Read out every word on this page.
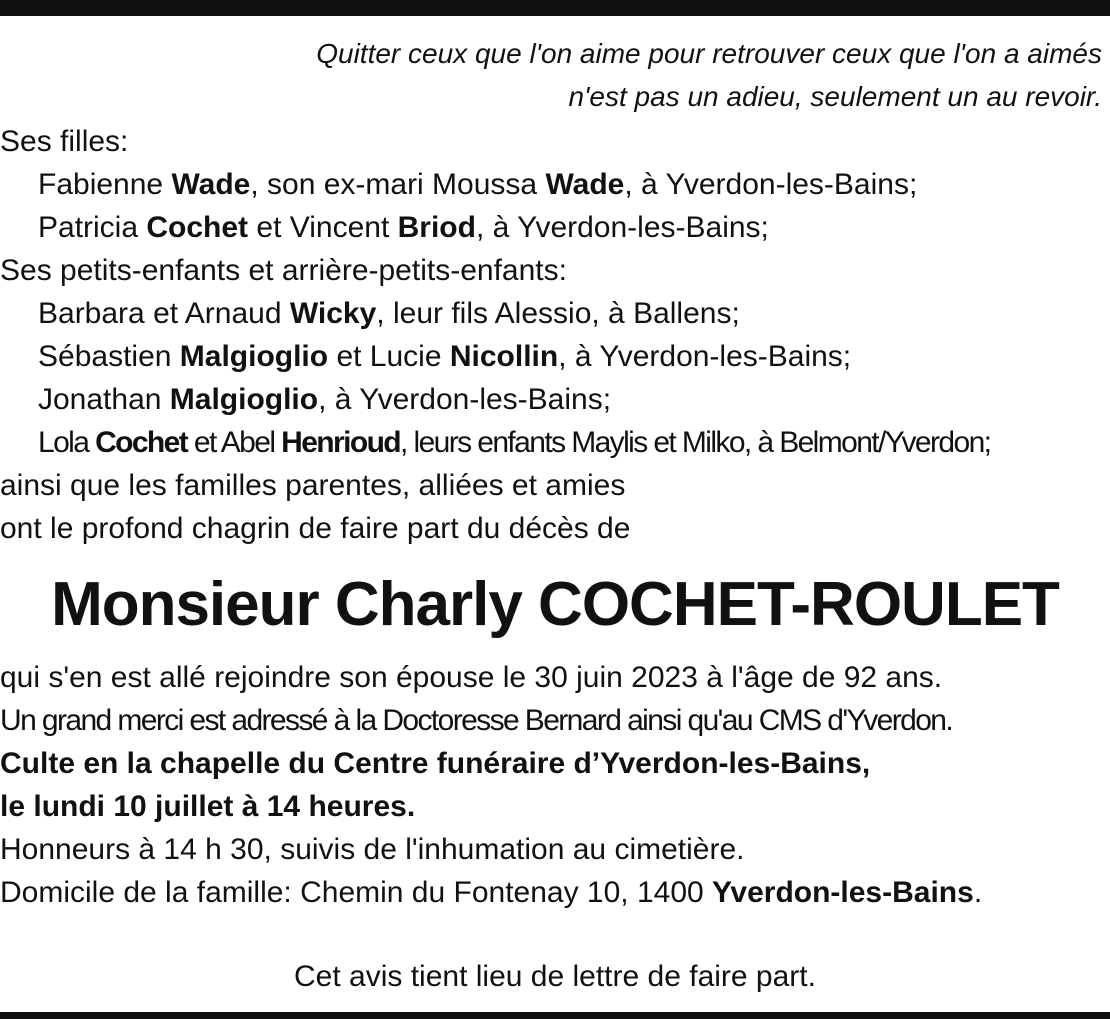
Quitter ceux que l'on aime pour retrouver ceux que l'on a aimés
n'est pas un adieu, seulement un au revoir.
Ses filles:
Fabienne Wade, son ex-mari Moussa Wade, à Yverdon-les-Bains;
Patricia Cochet et Vincent Briod, à Yverdon-les-Bains;
Ses petits-enfants et arrière-petits-enfants:
Barbara et Arnaud Wicky, leur fils Alessio, à Ballens;
Sébastien Malgioglio et Lucie Nicollin, à Yverdon-les-Bains;
Jonathan Malgioglio, à Yverdon-les-Bains;
Lola Cochet et Abel Henrioud, leurs enfants Maylis et Milko, à Belmont/Yverdon;
ainsi que les familles parentes, alliées et amies
ont le profond chagrin de faire part du décès de
Monsieur Charly COCHET-ROULET
qui s'en est allé rejoindre son épouse le 30 juin 2023 à l'âge de 92 ans.
Un grand merci est adressé à la Doctoresse Bernard ainsi qu'au CMS d'Yverdon.
Culte en la chapelle du Centre funéraire d’Yverdon-les-Bains,
le lundi 10 juillet à 14 heures.
Honneurs à 14 h 30, suivis de l'inhumation au cimetière.
Domicile de la famille: Chemin du Fontenay 10, 1400 Yverdon-les-Bains.
Cet avis tient lieu de lettre de faire part.
